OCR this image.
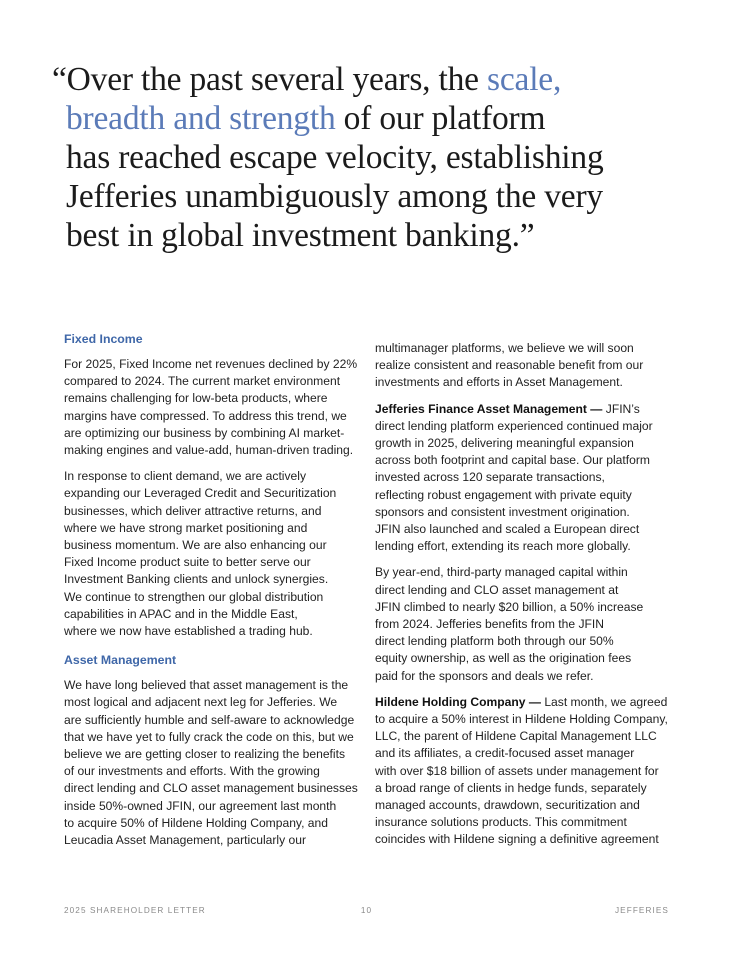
“Over the past several years, the scale,
breadth and strength of our platform
has reached escape velocity, establishing
Jefferies unambiguously among the very
best in global investment banking.”
Fixed Income

For 2025, Fixed Income net revenues declined by 22%
compared to 2024. The current market environment
remains challenging for low-beta products, where
margins have compressed. To address this trend, we
are optimizing our business by combining AI market-
making engines and value-add, human-driven trading.

In response to client demand, we are actively
expanding our Leveraged Credit and Securitization
businesses, which deliver attractive returns, and
where we have strong market positioning and
business momentum. We are also enhancing our
Fixed Income product suite to better serve our
Investment Banking clients and unlock synergies.
We continue to strengthen our global distribution
capabilities in APAC and in the Middle East,
where we now have established a trading hub.

Asset Management

We have long believed that asset management is the
most logical and adjacent next leg for Jefferies. We
are sufficiently humble and self-aware to acknowledge
that we have yet to fully crack the code on this, but we
believe we are getting closer to realizing the benefits
of our investments and efforts. With the growing
direct lending and CLO asset management businesses
inside 50%-owned JFIN, our agreement last month
to acquire 50% of Hildene Holding Company, and
Leucadia Asset Management, particularly our

multimanager platforms, we believe we will soon
realize consistent and reasonable benefit from our
investments and efforts in Asset Management.

Jefferies Finance Asset Management — JFIN’s
direct lending platform experienced continued major
growth in 2025, delivering meaningful expansion
across both footprint and capital base. Our platform
invested across 120 separate transactions,
reflecting robust engagement with private equity
sponsors and consistent investment origination.
JFIN also launched and scaled a European direct
lending effort, extending its reach more globally.

By year-end, third-party managed capital within
direct lending and CLO asset management at
JFIN climbed to nearly $20 billion, a 50% increase
from 2024. Jefferies benefits from the JFIN
direct lending platform both through our 50%
equity ownership, as well as the origination fees
paid for the sponsors and deals we refer.

Hildene Holding Company — Last month, we agreed
to acquire a 50% interest in Hildene Holding Company,
LLC, the parent of Hildene Capital Management LLC
and its affiliates, a credit-focused asset manager
with over $18 billion of assets under management for
a broad range of clients in hedge funds, separately
managed accounts, drawdown, securitization and
insurance solutions products. This commitment
coincides with Hildene signing a definitive agreement

2025 SHAREHOLDER LETTER	10	JEFFERIES
